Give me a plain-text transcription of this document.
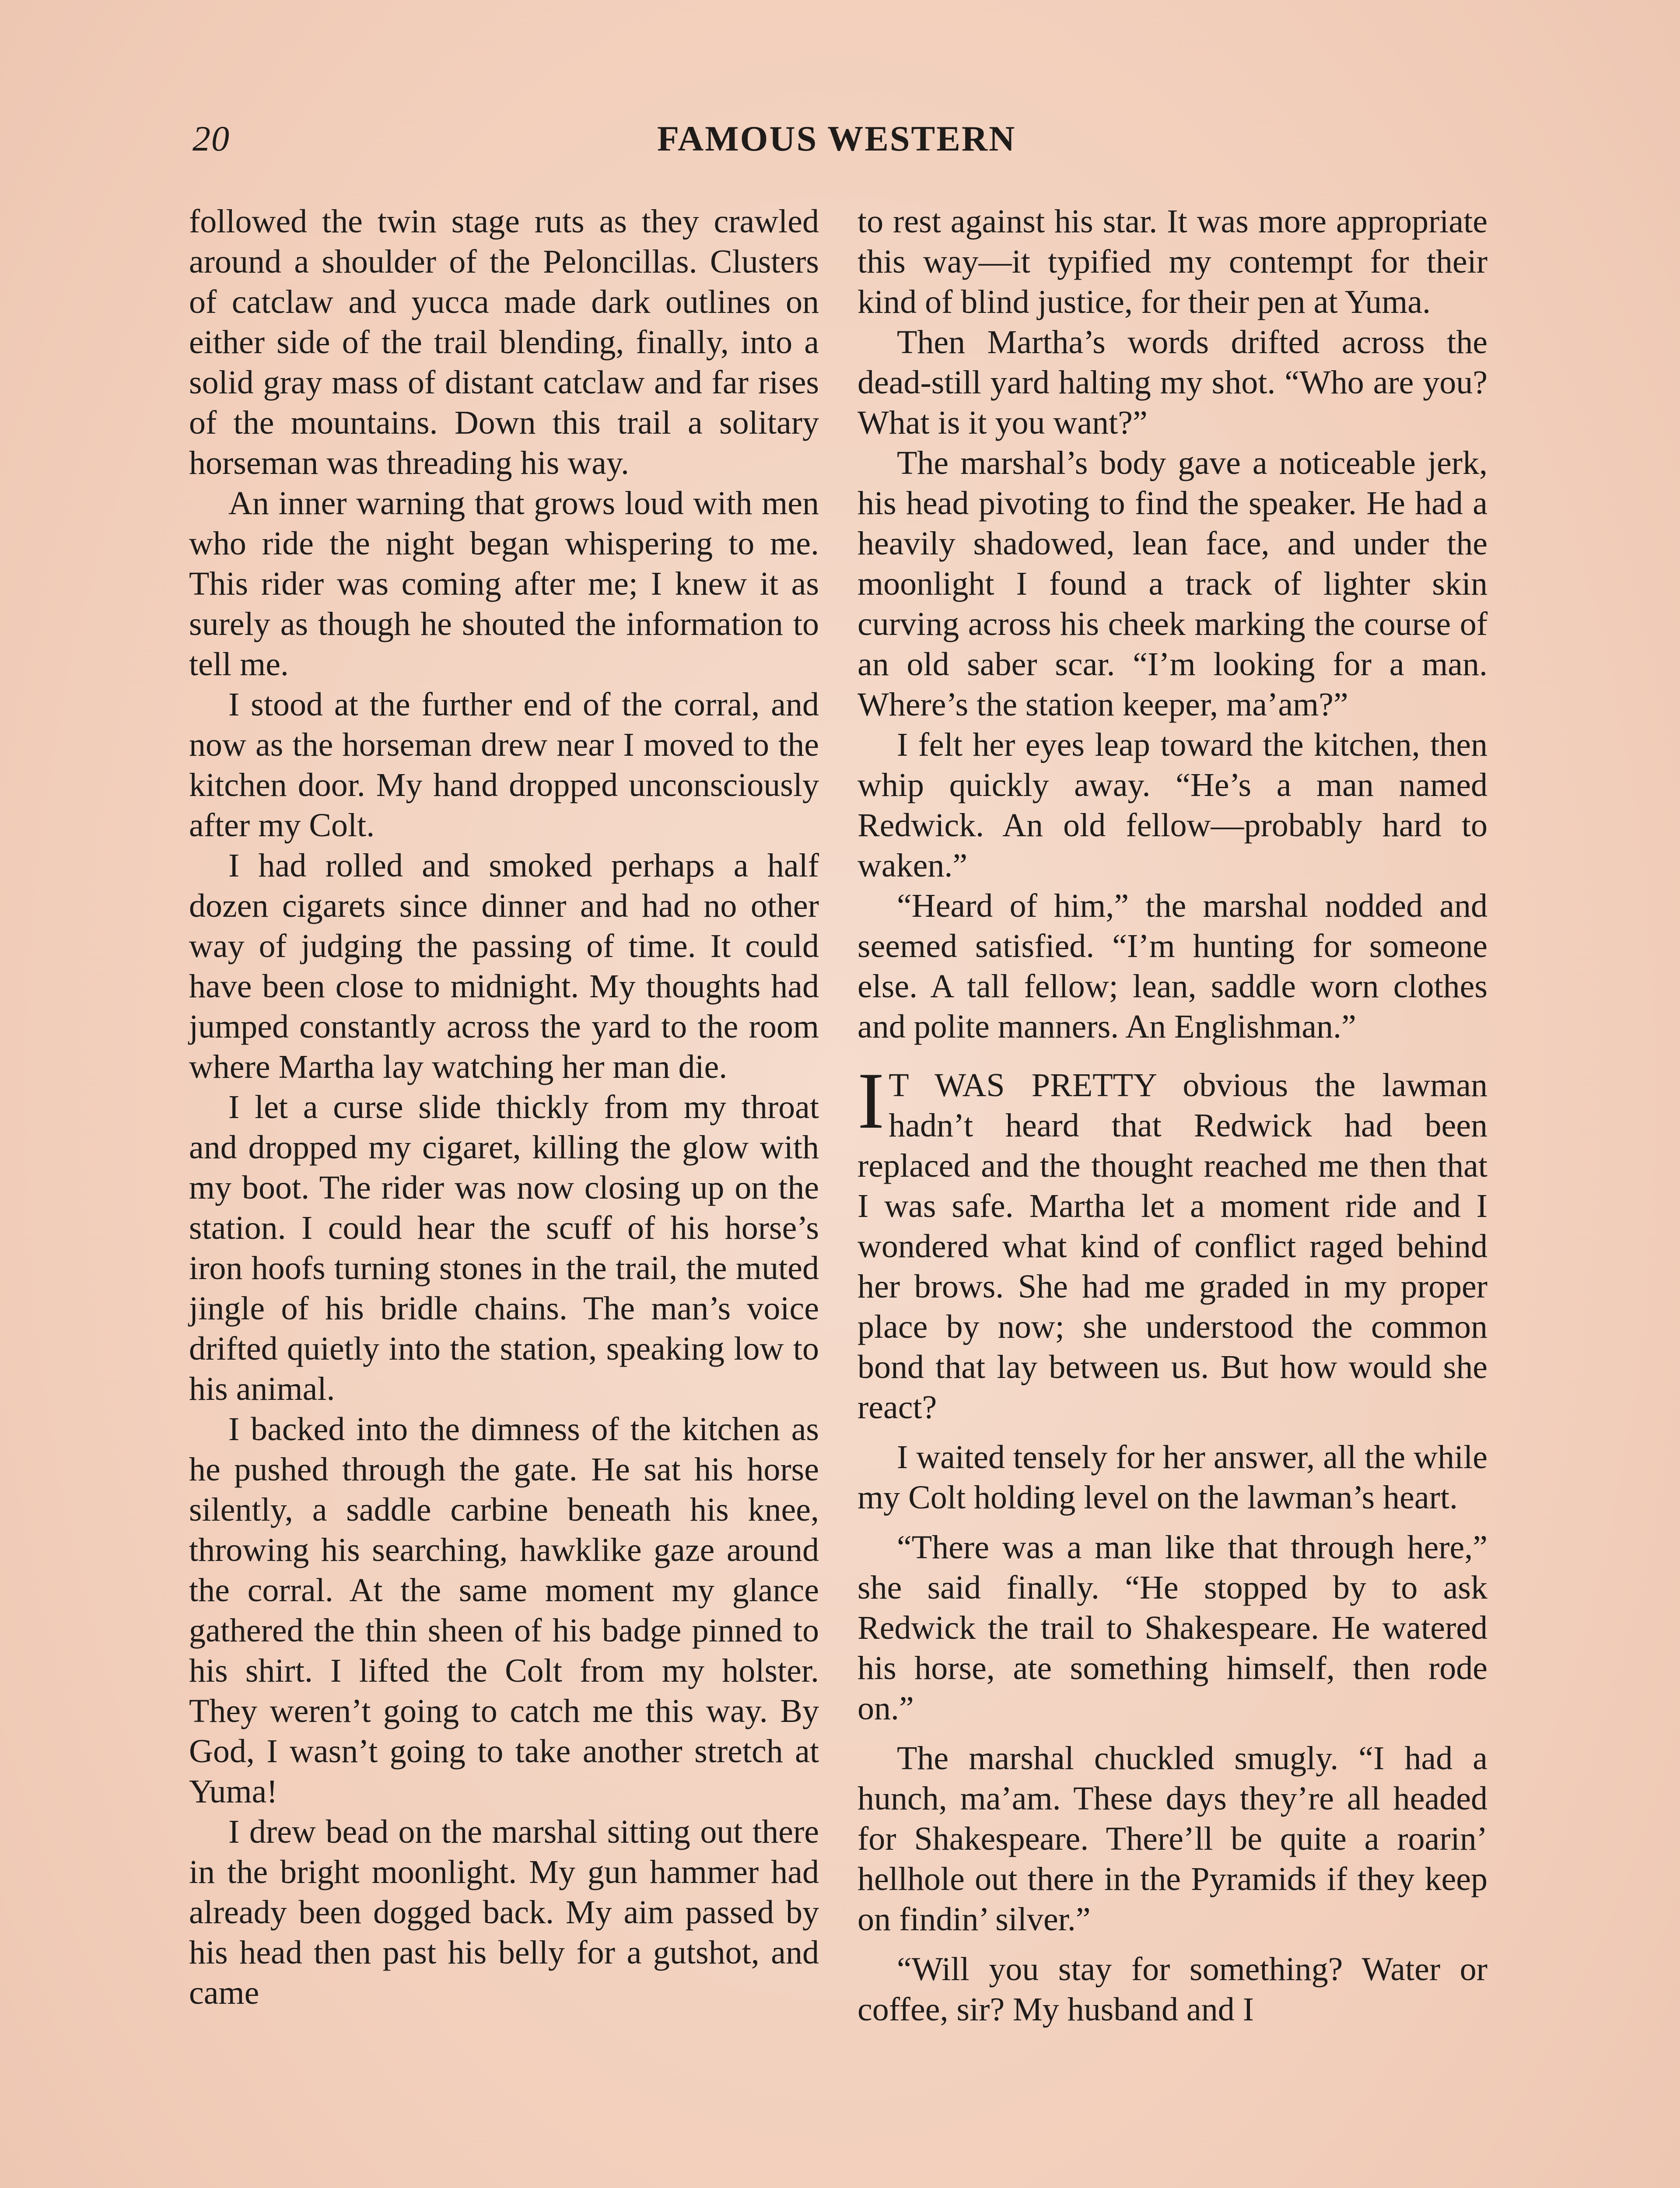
20	FAMOUS WESTERN

followed the twin stage ruts as they crawled around a shoulder of the Peloncillas. Clusters of catclaw and yucca made dark outlines on either side of the trail blending, finally, into a solid gray mass of distant catclaw and far rises of the mountains. Down this trail a solitary horseman was threading his way.

An inner warning that grows loud with men who ride the night began whispering to me. This rider was coming after me; I knew it as surely as though he shouted the information to tell me.

I stood at the further end of the corral, and now as the horseman drew near I moved to the kitchen door. My hand dropped unconsciously after my Colt.

I had rolled and smoked perhaps a half dozen cigarets since dinner and had no other way of judging the passing of time. It could have been close to midnight. My thoughts had jumped constantly across the yard to the room where Martha lay watching her man die.

I let a curse slide thickly from my throat and dropped my cigaret, killing the glow with my boot. The rider was now closing up on the station. I could hear the scuff of his horse’s iron hoofs turning stones in the trail, the muted jingle of his bridle chains. The man’s voice drifted quietly into the station, speaking low to his animal.

I backed into the dimness of the kitchen as he pushed through the gate. He sat his horse silently, a saddle carbine beneath his knee, throwing his searching, hawklike gaze around the corral. At the same moment my glance gathered the thin sheen of his badge pinned to his shirt. I lifted the Colt from my holster. They weren’t going to catch me this way. By God, I wasn’t going to take another stretch at Yuma!

I drew bead on the marshal sitting out there in the bright moonlight. My gun hammer had already been dogged back. My aim passed by his head then past his belly for a gutshot, and came

to rest against his star. It was more appropriate this way—it typified my contempt for their kind of blind justice, for their pen at Yuma.

Then Martha’s words drifted across the dead-still yard halting my shot. “Who are you? What is it you want?”

The marshal’s body gave a noticeable jerk, his head pivoting to find the speaker. He had a heavily shadowed, lean face, and under the moonlight I found a track of lighter skin curving across his cheek marking the course of an old saber scar. “I’m looking for a man. Where’s the station keeper, ma’am?”

I felt her eyes leap toward the kitchen, then whip quickly away. “He’s a man named Redwick. An old fellow—probably hard to waken.”

“Heard of him,” the marshal nodded and seemed satisfied. “I’m hunting for someone else. A tall fellow; lean, saddle worn clothes and polite manners. An Englishman.”

I T WAS PRETTY obvious the lawman hadn’t heard that Redwick had been replaced and the thought reached me then that I was safe. Martha let a moment ride and I wondered what kind of conflict raged behind her brows. She had me graded in my proper place by now; she understood the common bond that lay between us. But how would she react?

I waited tensely for her answer, all the while my Colt holding level on the lawman’s heart.

“There was a man like that through here,” she said finally. “He stopped by to ask Redwick the trail to Shakespeare. He watered his horse, ate something himself, then rode on.”

The marshal chuckled smugly. “I had a hunch, ma’am. These days they’re all headed for Shakespeare. There’ll be quite a roarin’ hellhole out there in the Pyramids if they keep on findin’ silver.”

“Will you stay for something? Water or coffee, sir? My husband and I
